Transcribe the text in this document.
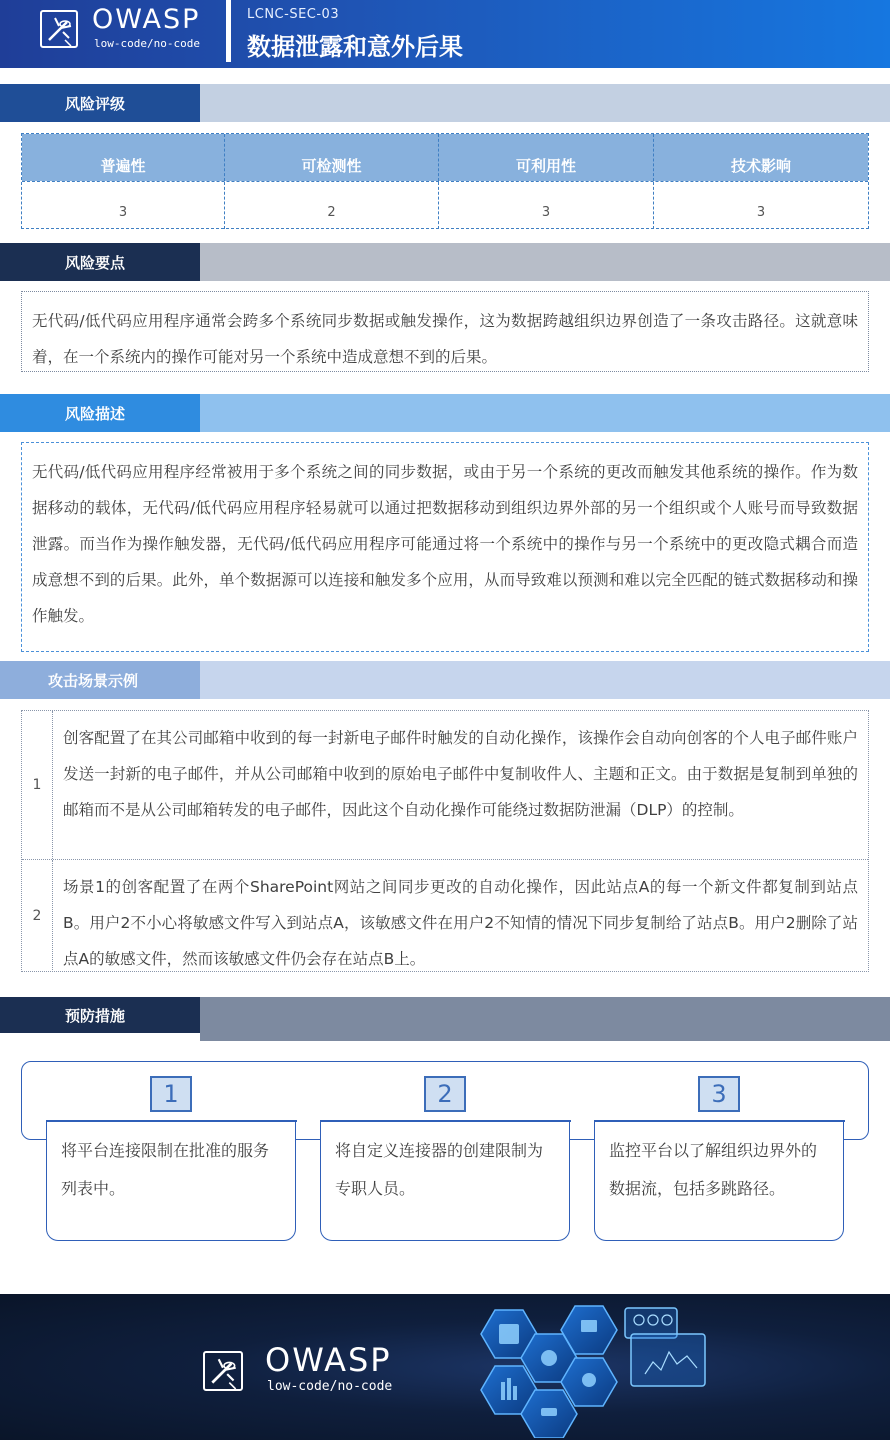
OWASP
low-code/no-code
LCNC-SEC-03
数据泄露和意外后果
风险评级
普遍性	可检测性	可利用性	技术影响
3	2	3	3
风险要点
无代码/低代码应用程序通常会跨多个系统同步数据或触发操作，这为数据跨越组织边界创造了一条攻击路径。这就意味着，在一个系统内的操作可能对另一个系统中造成意想不到的后果。
风险描述
无代码/低代码应用程序经常被用于多个系统之间的同步数据，或由于另一个系统的更改而触发其他系统的操作。作为数据移动的载体，无代码/低代码应用程序轻易就可以通过把数据移动到组织边界外部的另一个组织或个人账号而导致数据泄露。而当作为操作触发器，无代码/低代码应用程序可能通过将一个系统中的操作与另一个系统中的更改隐式耦合而造成意想不到的后果。此外，单个数据源可以连接和触发多个应用，从而导致难以预测和难以完全匹配的链式数据移动和操作触发。
攻击场景示例
1
创客配置了在其公司邮箱中收到的每一封新电子邮件时触发的自动化操作，该操作会自动向创客的个人电子邮件账户发送一封新的电子邮件，并从公司邮箱中收到的原始电子邮件中复制收件人、主题和正文。由于数据是复制到单独的邮箱而不是从公司邮箱转发的电子邮件，因此这个自动化操作可能绕过数据防泄漏（DLP）的控制。
2
场景1的创客配置了在两个SharePoint网站之间同步更改的自动化操作，因此站点A的每一个新文件都复制到站点B。用户2不小心将敏感文件写入到站点A，该敏感文件在用户2不知情的情况下同步复制给了站点B。用户2删除了站点A的敏感文件，然而该敏感文件仍会存在站点B上。
预防措施
将平台连接限制在批准的服务列表中。
将自定义连接器的创建限制为专职人员。
监控平台以了解组织边界外的数据流，包括多跳路径。
1	2	3
OWASP
low-code/no-code
